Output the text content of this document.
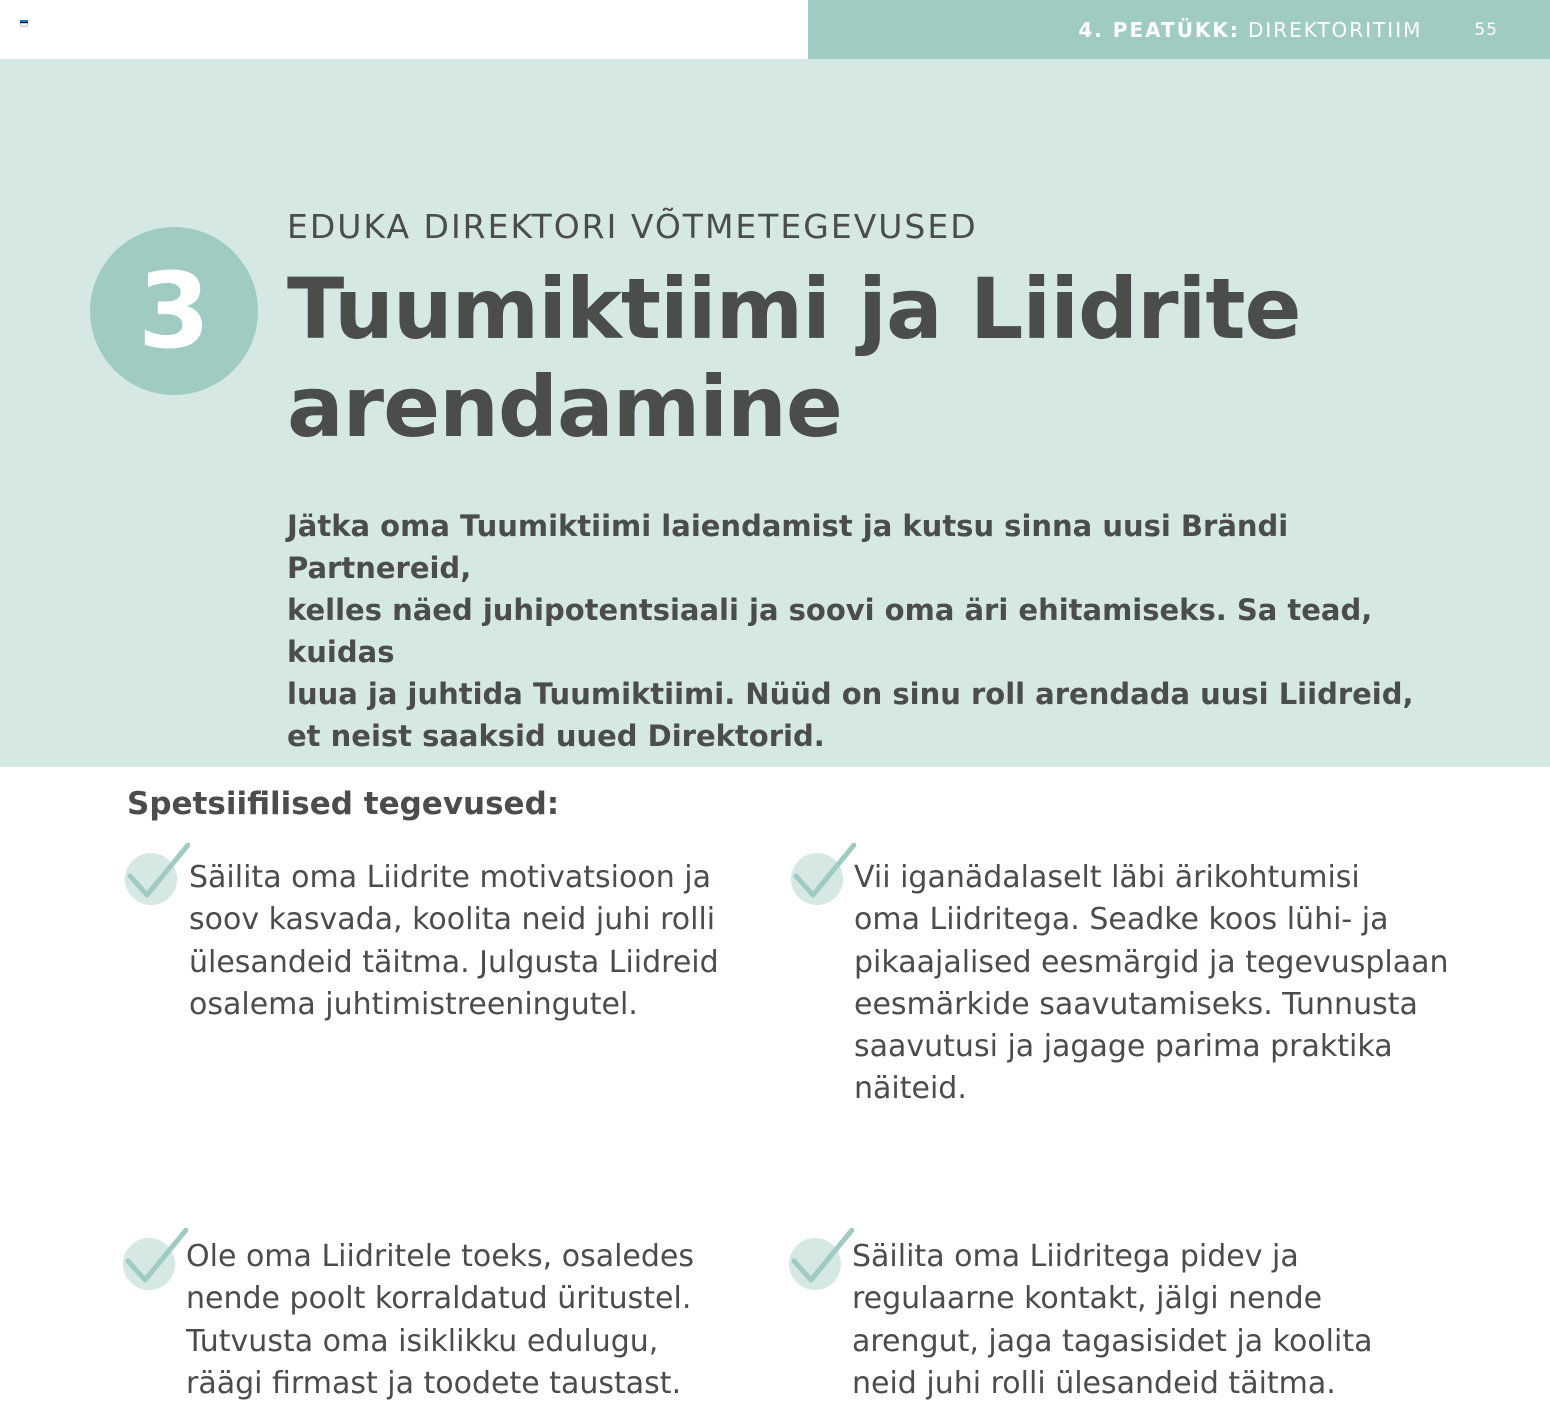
4. PEATÜKK: DIREKTORITIIM	55
3
EDUKA DIREKTORI VÕTMETEGEVUSED
Tuumiktiimi ja Liidrite
arendamine

Jätka oma Tuumiktiimi laiendamist ja kutsu sinna uusi Brändi Partnereid,
kelles näed juhipotentsiaali ja soovi oma äri ehitamiseks. Sa tead, kuidas
luua ja juhtida Tuumiktiimi. Nüüd on sinu roll arendada uusi Liidreid,
et neist saaksid uued Direktorid.

Spetsiifilised tegevused:

Säilita oma Liidrite motivatsioon ja
soov kasvada, koolita neid juhi rolli
ülesandeid täitma. Julgusta Liidreid
osalema juhtimistreeningutel.

Vii iganädalaselt läbi ärikohtumisi
oma Liidritega. Seadke koos lühi- ja
pikaajalised eesmärgid ja tegevusplaan
eesmärkide saavutamiseks. Tunnusta
saavutusi ja jagage parima praktika
näiteid.

Ole oma Liidritele toeks, osaledes
nende poolt korraldatud üritustel.
Tutvusta oma isiklikku edulugu,
räägi firmast ja toodete taustast.

Säilita oma Liidritega pidev ja
regulaarne kontakt, jälgi nende
arengut, jaga tagasisidet ja koolita
neid juhi rolli ülesandeid täitma.
